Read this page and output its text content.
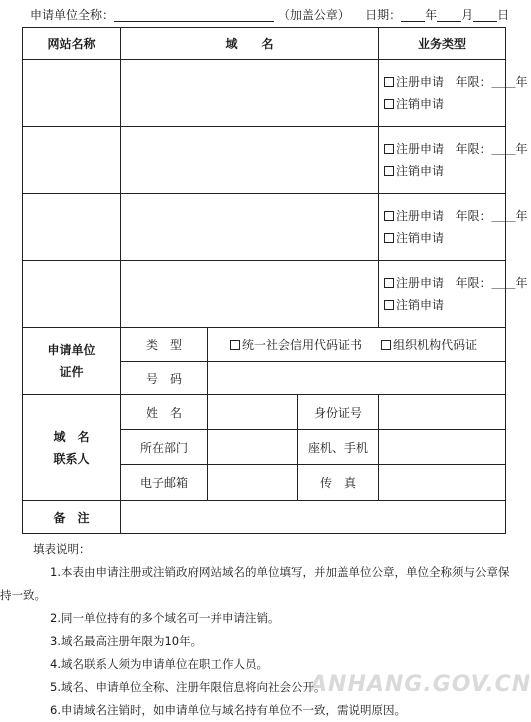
申请单位全称：	（加盖公章） 日期： 年 月 日
网站名称	域　　名			业务类型

				注册申请 年限：＿＿年
注销申请

				注册申请 年限：＿＿年
注销申请

				注册申请 年限：＿＿年
注销申请

				注册申请 年限：＿＿年
注销申请

申请单位证件	类　型	统一社会信用代码证书 组织机构代码证		

	号　码			
域　名联系人	姓　名		身份证号	
	所在部门		座机、手机	
	电子邮箱		传　真	
备　注				
填表说明：
1.本表由申请注册或注销政府网站域名的单位填写，并加盖单位公章，单位全称须与公章保持一致。
2.同一单位持有的多个域名可一并申请注销。
3.域名最高注册年限为10年。
4.域名联系人须为申请单位在职工作人员。
5.域名、申请单位全称、注册年限信息将向社会公开。
6.申请域名注销时，如申请单位与域名持有单位不一致，需说明原因。
ANHANG.GOV.CN
